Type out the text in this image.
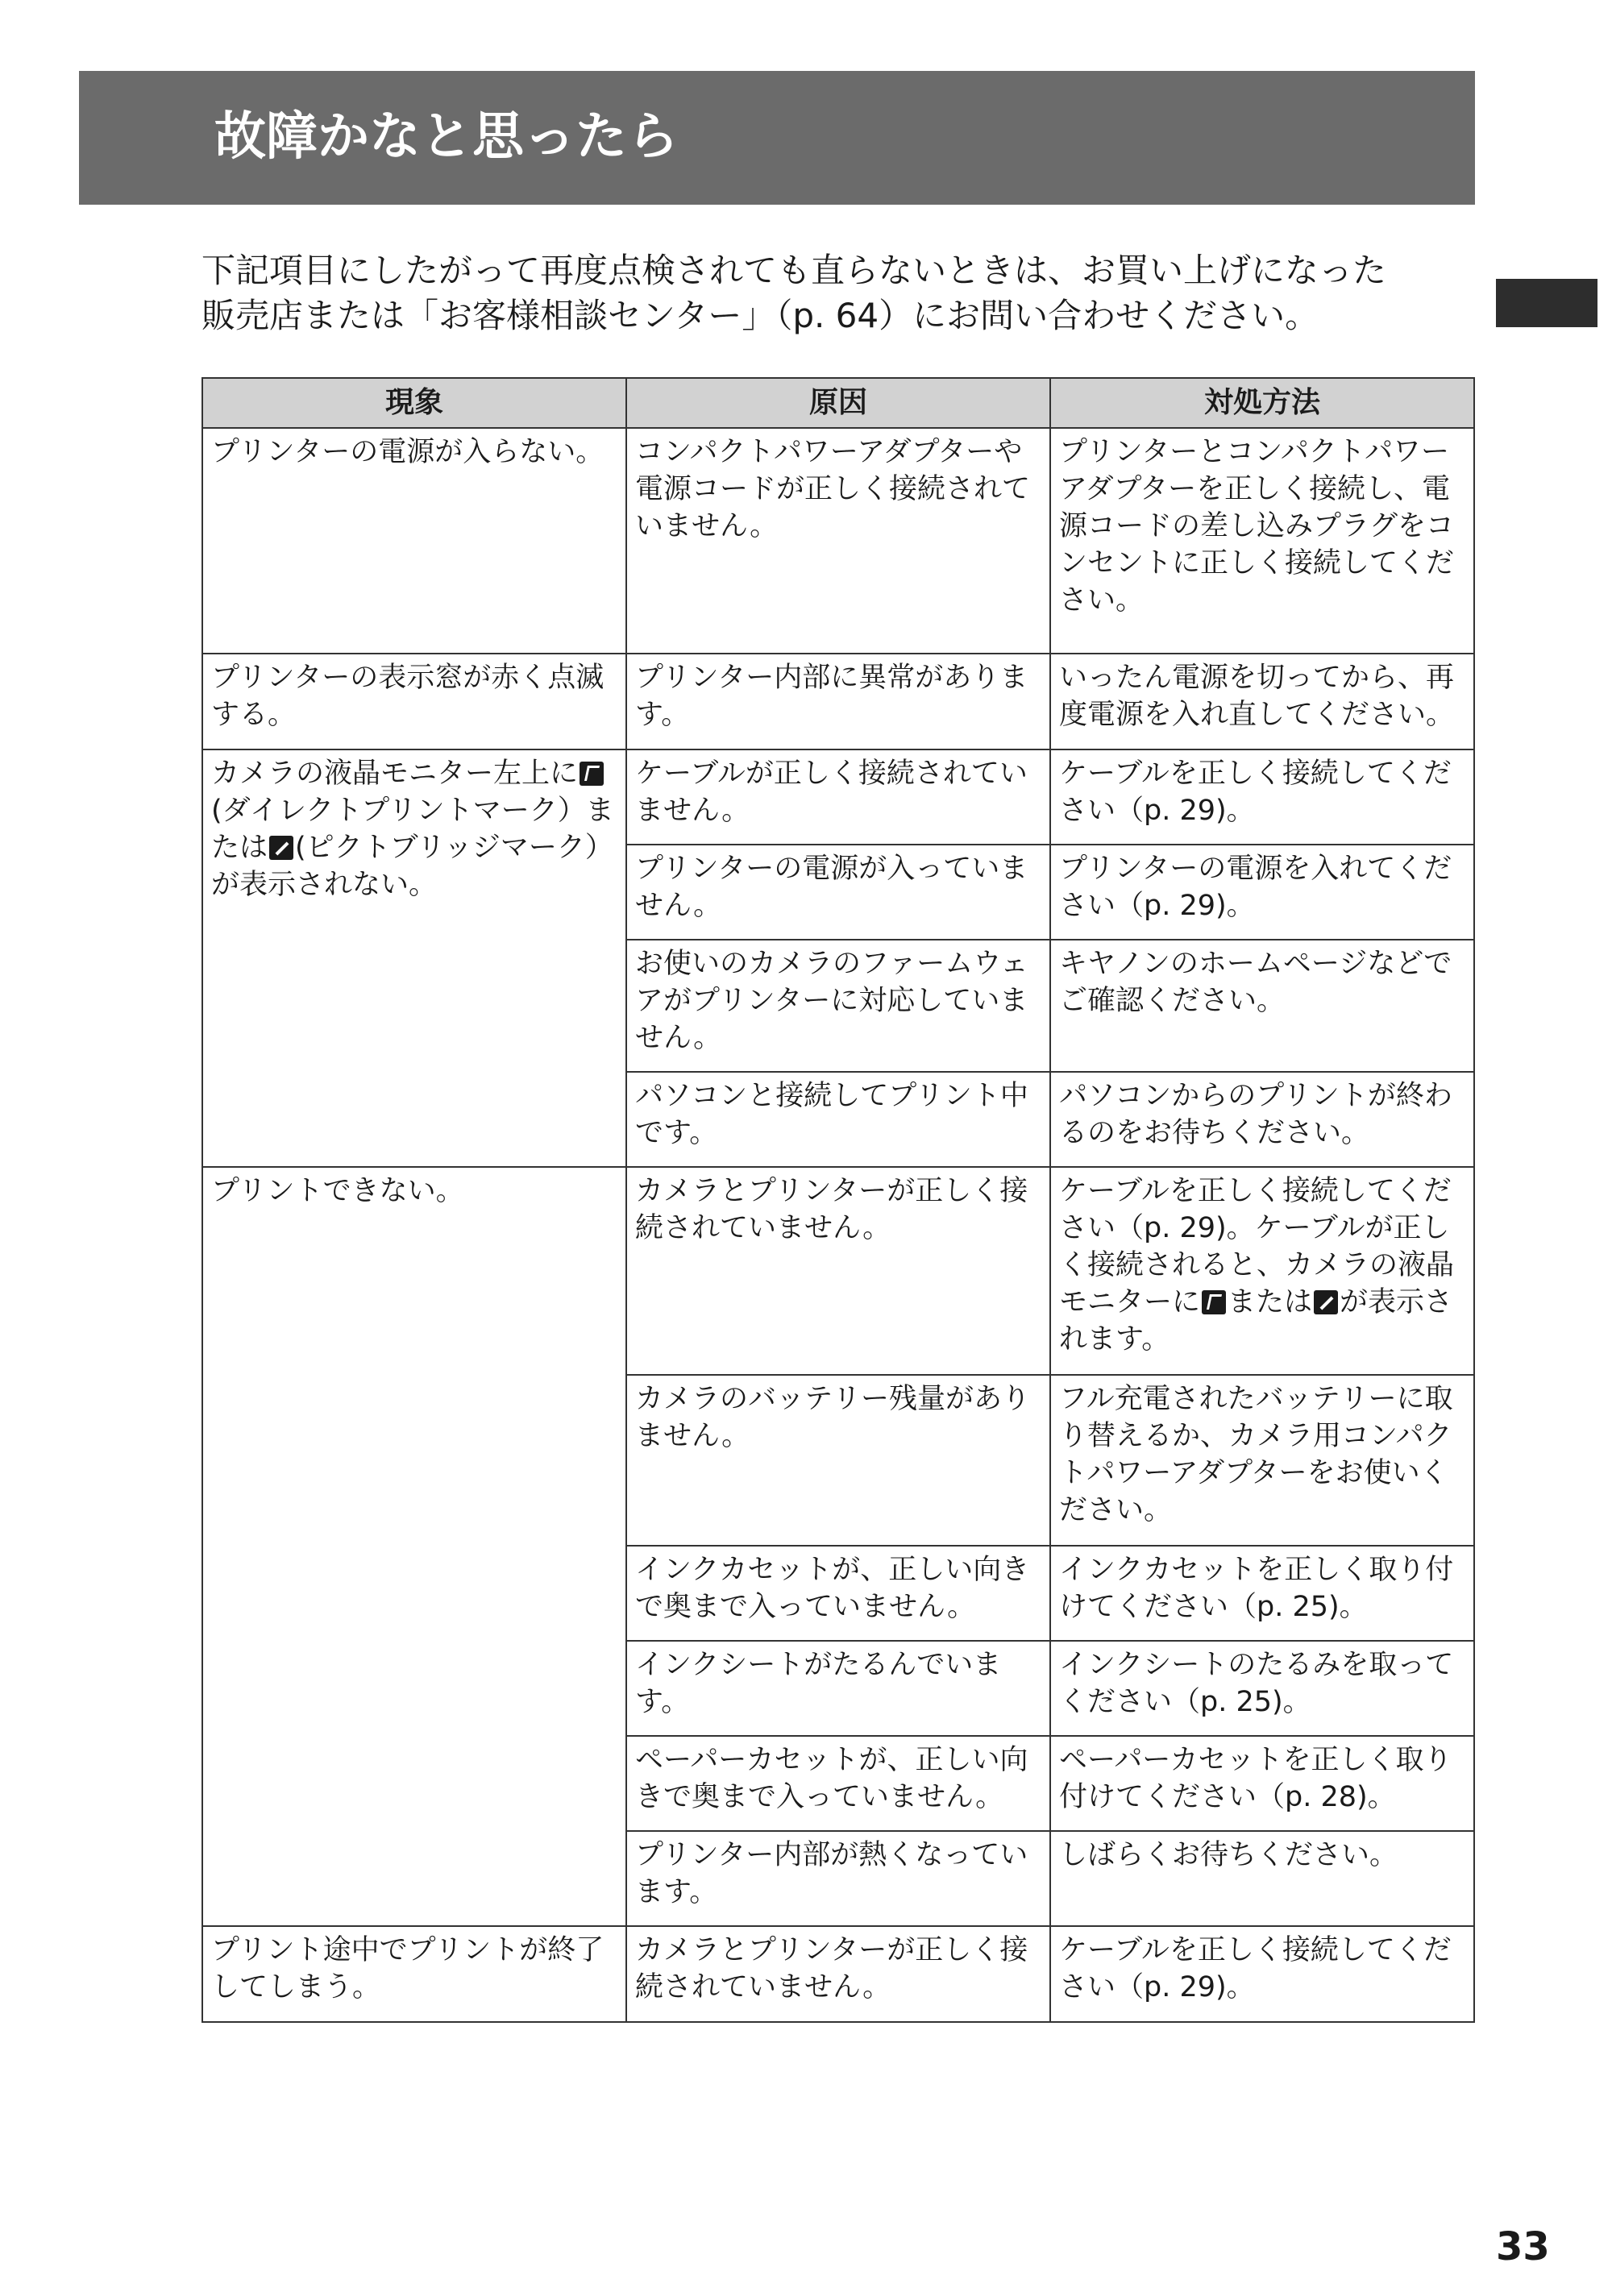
故障かなと思ったら

下記項目にしたがって再度点検されても直らないときは、お買い上げになった

販売店または「お客様相談センター」（p. 64）にお問い合わせください。

現象	原因	対処方法
プリンターの電源が入らない。	コンパクトパワーアダプターや電源コードが正しく接続されていません。	プリンターとコンパクトパワーアダプターを正しく接続し、電源コードの差し込みプラグをコンセントに正しく接続してください。
プリンターの表示窓が赤く点滅する。	プリンター内部に異常があります。	いったん電源を切ってから、再度電源を入れ直してください。
カメラの液晶モニター左上に(ダイレクトプリントマーク）または (ピクトブリッジマーク）が表示されない。	ケーブルが正しく接続されていません。	ケーブルを正しく接続してください（p. 29)。
	プリンターの電源が入っていません。	プリンターの電源を入れてください（p. 29)。
	お使いのカメラのファームウェアがプリンターに対応していません。	キヤノンのホームページなどでご確認ください。
	パソコンと接続してプリント中です。	パソコンからのプリントが終わるのをお待ちください。
プリントできない。	カメラとプリンターが正しく接続されていません。	ケーブルを正しく接続してください（p. 29)。ケーブルが正しく接続されると、カメラの液晶モニターに または が表示されます。
	カメラのバッテリー残量がありません。	フル充電されたバッテリーに取り替えるか、カメラ用コンパクトパワーアダプターをお使いください。
	インクカセットが、正しい向きで奥まで入っていません。	インクカセットを正しく取り付けてください（p. 25)。
	インクシートがたるんでいます。	インクシートのたるみを取ってください（p. 25)。
	ペーパーカセットが、正しい向きで奥まで入っていません。	ペーパーカセットを正しく取り付けてください（p. 28)。
	プリンター内部が熱くなっています。	しばらくお待ちください。
プリント途中でプリントが終了してしまう。	カメラとプリンターが正しく接続されていません。	ケーブルを正しく接続してください（p. 29)。
33
